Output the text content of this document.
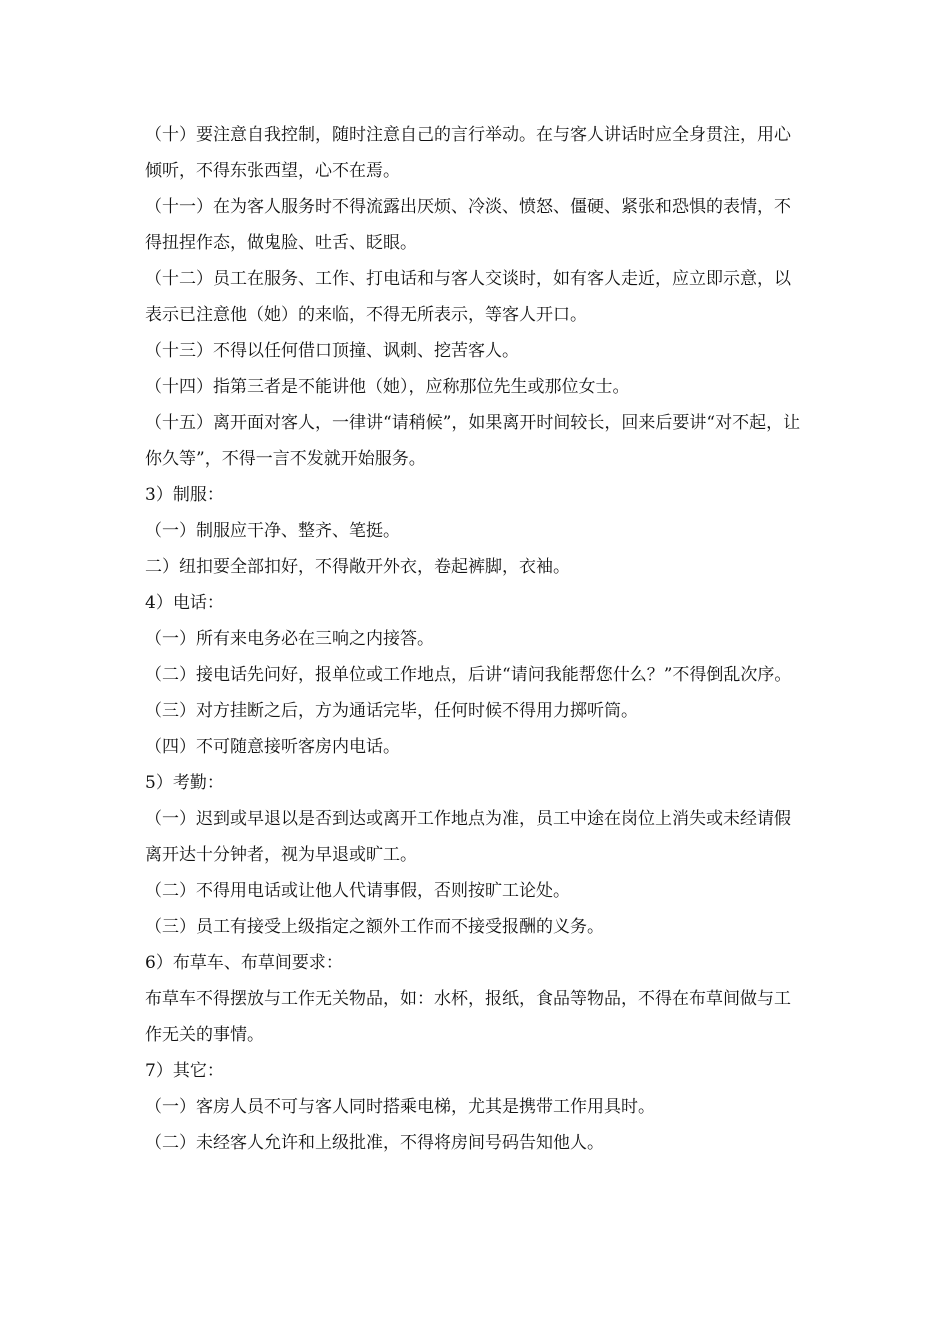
（十）要注意自我控制，随时注意自己的言行举动。在与客人讲话时应全身贯注，用心倾听，不得东张西望，心不在焉。

（十一）在为客人服务时不得流露出厌烦、冷淡、愤怒、僵硬、紧张和恐惧的表情，不得扭捏作态，做鬼脸、吐舌、眨眼。

（十二）员工在服务、工作、打电话和与客人交谈时，如有客人走近，应立即示意，以表示已注意他（她）的来临，不得无所表示，等客人开口。

（十三）不得以任何借口顶撞、讽刺、挖苦客人。

（十四）指第三者是不能讲他（她），应称那位先生或那位女士。

（十五）离开面对客人，一律讲“请稍候”，如果离开时间较长，回来后要讲“对不起，让你久等”，不得一言不发就开始服务。

3）制服：

（一）制服应干净、整齐、笔挺。

二）纽扣要全部扣好，不得敞开外衣，卷起裤脚，衣袖。

4）电话：

（一）所有来电务必在三响之内接答。

（二）接电话先问好，报单位或工作地点，后讲“请问我能帮您什么？”不得倒乱次序。

（三）对方挂断之后，方为通话完毕，任何时候不得用力掷听筒。

（四）不可随意接听客房内电话。

5）考勤：

（一）迟到或早退以是否到达或离开工作地点为准，员工中途在岗位上消失或未经请假离开达十分钟者，视为早退或旷工。

（二）不得用电话或让他人代请事假，否则按旷工论处。

（三）员工有接受上级指定之额外工作而不接受报酬的义务。

6）布草车、布草间要求：

布草车不得摆放与工作无关物品，如：水杯，报纸，食品等物品，不得在布草间做与工作无关的事情。

7）其它：

（一）客房人员不可与客人同时搭乘电梯，尤其是携带工作用具时。

（二）未经客人允许和上级批准，不得将房间号码告知他人。
